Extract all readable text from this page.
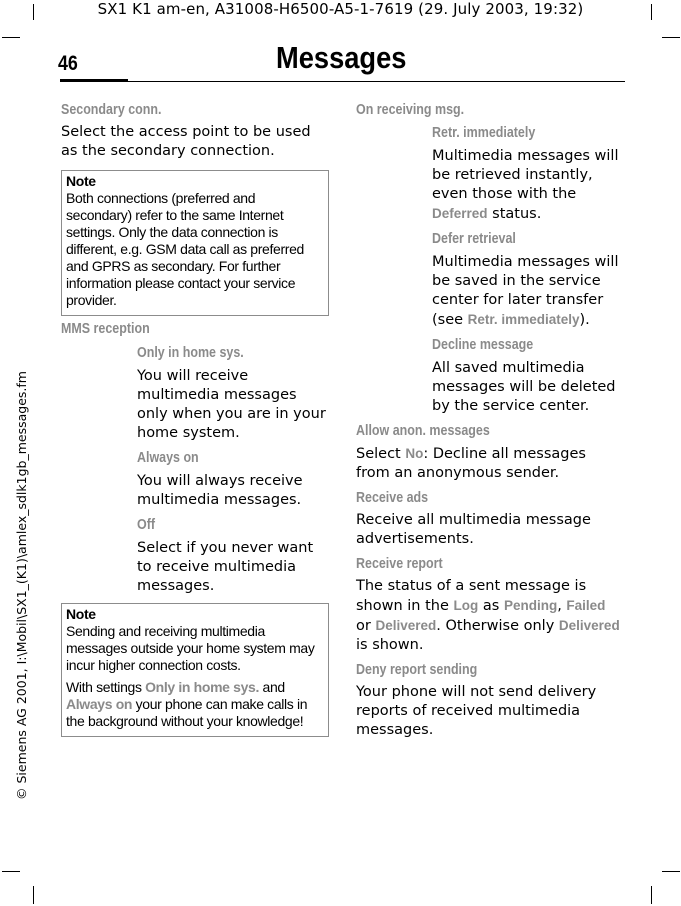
SX1 K1 am-en, A31008-H6500-A5-1-7619 (29. July 2003, 19:32)
© Siemens AG 2001, I:\Mobil\SX1_(K1)\amlex_sdlk1gb_messages.fm
46	Messages
Secondary conn.

Select the access point to be used as the secondary connection.

Note

Both connections (preferred and secondary) refer to the same Internet settings. Only the data connection is different, e.g. GSM data call as preferred and GPRS as secondary. For further information please contact your service provider.

MMS reception
Only in home sys.

You will receive multimedia messages only when you are in your home system.

Always on

You will always receive multimedia messages.

Off

Select if you never want to receive multimedia messages.

Note

Sending and receiving multimedia messages outside your home system may incur higher connection costs.

With settings Only in home sys. and Always on your phone can make calls in the background without your knowledge!

On receiving msg.
Retr. immediately

Multimedia messages will be retrieved instantly, even those with the Deferred status.

Defer retrieval

Multimedia messages will be saved in the service center for later transfer (see Retr. immediately).

Decline message

All saved multimedia messages will be deleted by the service center.

Allow anon. messages

Select No: Decline all messages from an anonymous sender.

Receive ads

Receive all multimedia message advertisements.

Receive report

The status of a sent message is shown in the Log as Pending, Failed or Delivered. Otherwise only Delivered is shown.

Deny report sending

Your phone will not send delivery reports of received multimedia messages.
